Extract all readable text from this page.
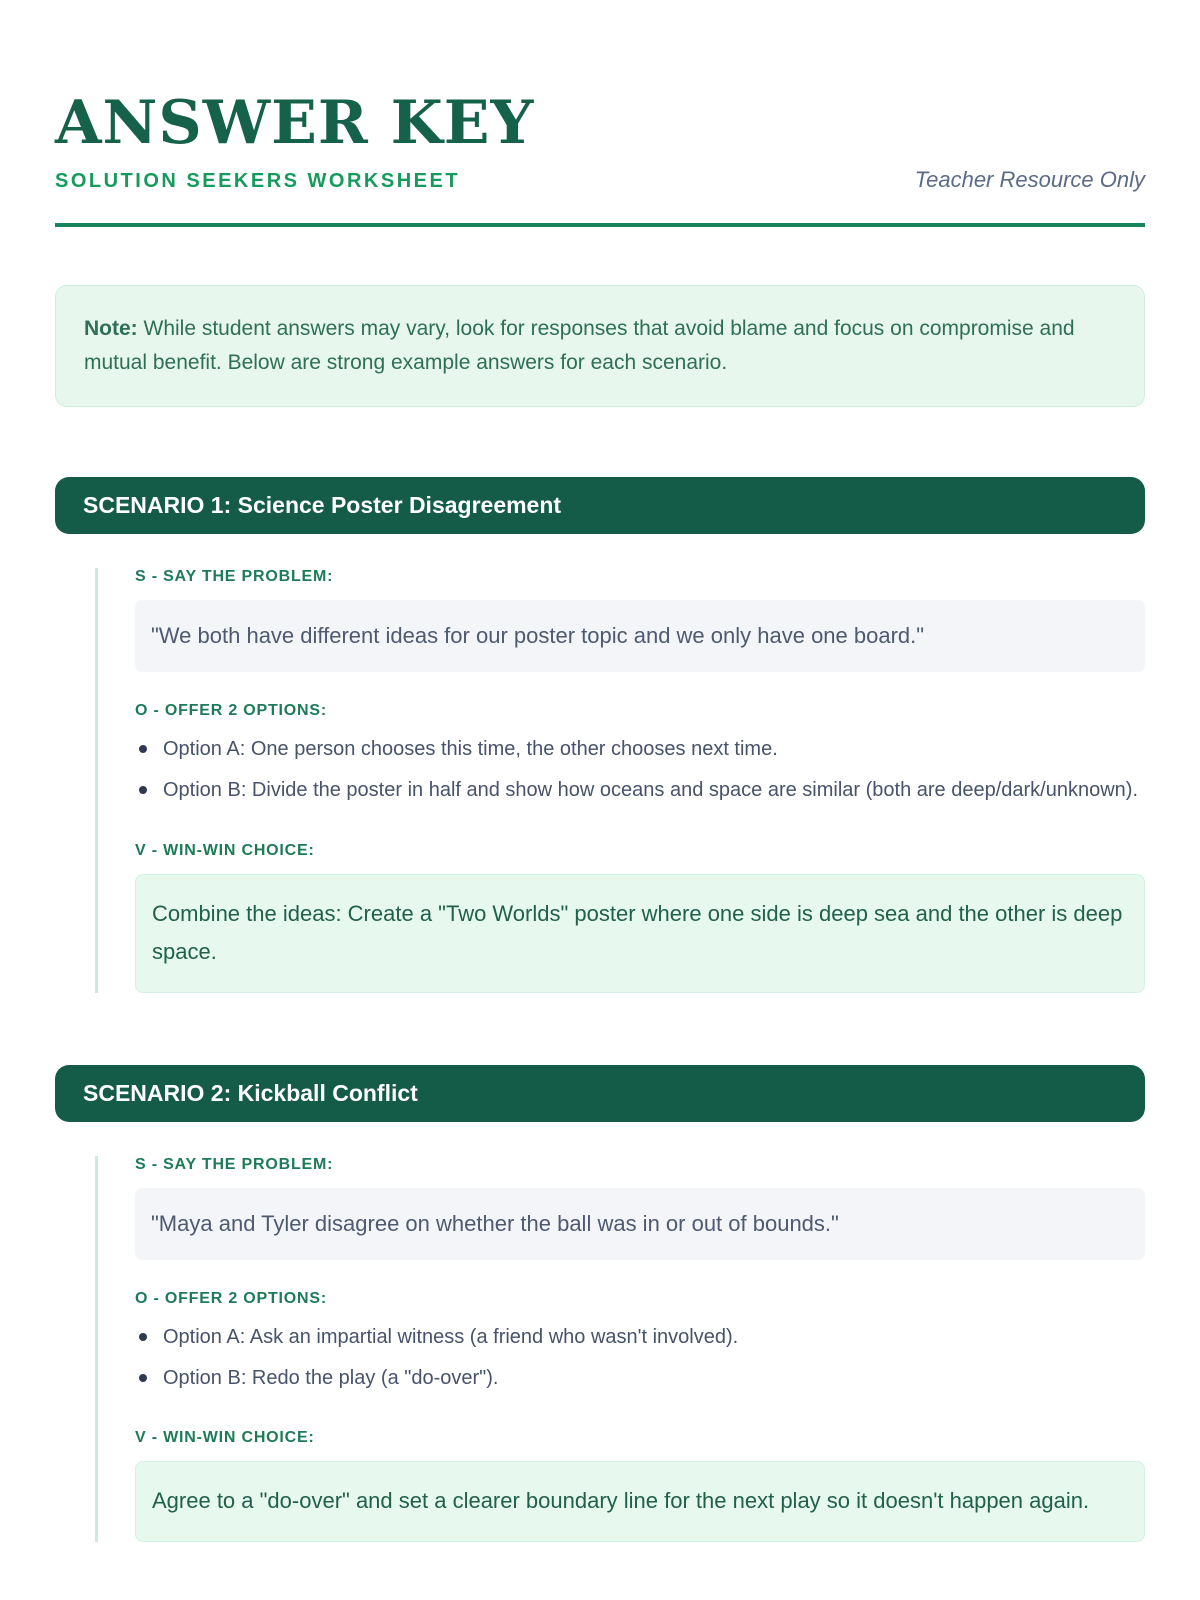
ANSWER KEY
SOLUTION SEEKERS WORKSHEET	Teacher Resource Only
Note: While student answers may vary, look for responses that avoid blame and focus on compromise and mutual benefit. Below are strong example answers for each scenario.
SCENARIO 1: Science Poster Disagreement
S - SAY THE PROBLEM:
"We both have different ideas for our poster topic and we only have one board."
O - OFFER 2 OPTIONS:
Option A: One person chooses this time, the other chooses next time.
Option B: Divide the poster in half and show how oceans and space are similar (both are deep/dark/unknown).
V - WIN-WIN CHOICE:
Combine the ideas: Create a "Two Worlds" poster where one side is deep sea and the other is deep space.
SCENARIO 2: Kickball Conflict
S - SAY THE PROBLEM:
"Maya and Tyler disagree on whether the ball was in or out of bounds."
O - OFFER 2 OPTIONS:
Option A: Ask an impartial witness (a friend who wasn't involved).
Option B: Redo the play (a "do-over").
V - WIN-WIN CHOICE:
Agree to a "do-over" and set a clearer boundary line for the next play so it doesn't happen again.
